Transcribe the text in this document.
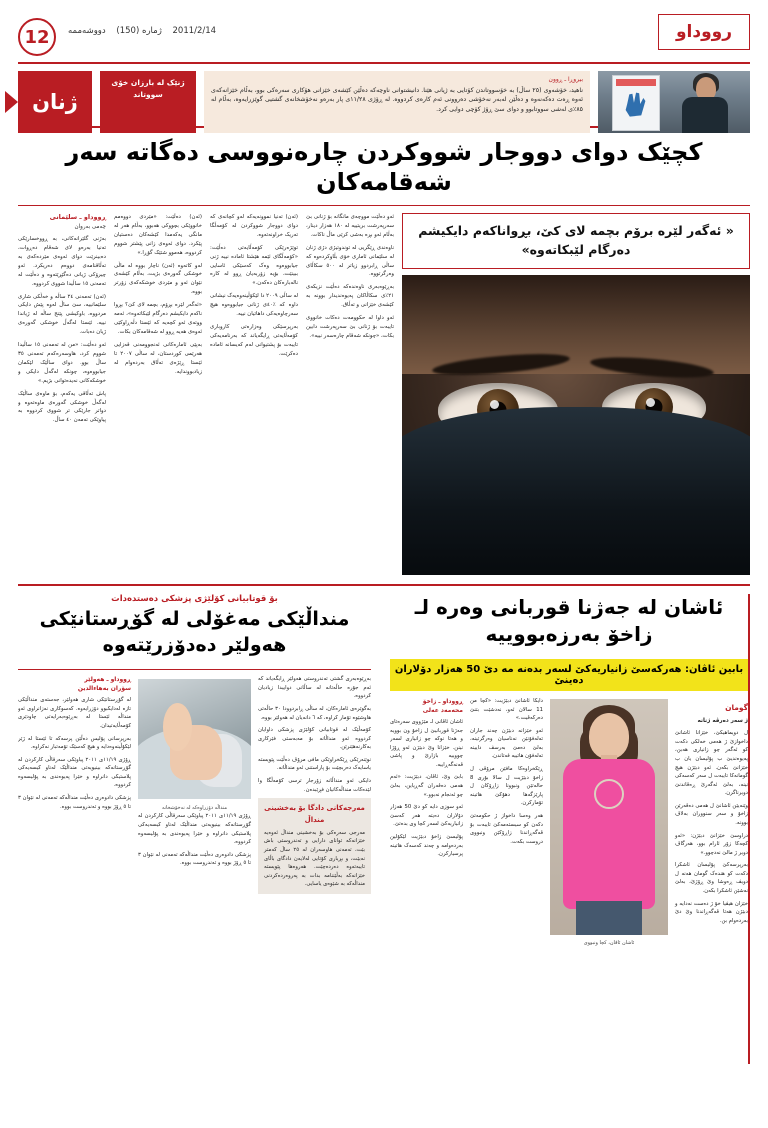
رووداو
2011/2/14 ژمارە (150) دووشەممە
12
بیروڕا ـ ڕوون
ناهید، خۆشەوی (٢٥ ساڵ) بە خۆسووتاندن کۆتایی بە ژیانی هێنا. دانیشتوانی ناوچەکە دەڵێن کێشەی خێزانی هۆکاری سەرەکی بوو، بەڵام خێزانەکەی ئەوە ڕەت دەکەنەوە و دەڵێن لەبەر نەخۆشی دەروونی ئەم کارەی کردووە. لە ڕۆژی ١١/٢٨ی پار بەرەو نەخۆشخانەی گشتیی گوێزرایەوە، بەڵام لە ٨٥٪ی لەشی سووتابوو و دوای سێ ڕۆژ کۆچی دوایی کرد.
ژنێک لە بارزان خۆی سووتاند
ژنان
کچێک دوای دووجار شووکردن چارەنووسی دەگاتە سەر شەقامەکان
« ئەگەر لێرە برۆم بچمە لای کێ، بڕواناکەم دایکیشم دەرگام لێبکاتەوە»

ئەو دەڵێت مووچەی مانگانە بۆ ژنانی بێ سەرپەرشت بریتییە لە ١٨٠ هەزار دینار، بەڵام ئەو بڕە بەشی کرێی ماڵ ناکات.

ناوەندی ڕێگریی لە توندوتیژی دژی ژنان لە سلێمانی ئاماری خۆی بڵاوکردەوە کە ساڵی ڕابردوو زیاتر لە ٥٠٠ سکاڵای وەرگرتووە.

بەڕێوەبەری ناوەندەکە دەڵێت نزیکەی ٢١٪ی سکاڵاکان پەیوەندیدار بوونە بە کێشەی خێزانی و تەڵاق.

ئەو داوا لە حکوومەت دەکات خانووی تایبەت بۆ ژنانی بێ سەرپەرشت دابین بکات، «چونکە شەقام چارەسەر نییە».

(ئەن) تەنیا نموونەیەکە لەو کچانەی کە دوای دووجار شووکردن لە کۆمەڵگا تەریک خراونەتەوە.

توێژەرێکی کۆمەڵایەتی دەڵێت: «کۆمەڵگای ئێمە هێشتا ئامادە نییە ژنی جیابووەوە وەک کەسێکی ئاسایی ببینێت، بۆیە زۆربەیان ڕوو لە کارە نالەبارەکان دەکەن.»

لە ساڵی ٢٠٠٩ دا لێکۆڵینەوەیەک نیشانی داوە کە ٪٤٠ی ژنانی جیابووەوە هیچ سەرچاوەیەکی داهاتیان نییە.

بەرپرسێکی وەزارەتی کاروباری کۆمەڵایەتی ڕایگەیاند کە بەرنامەیەکی تایبەت بۆ پشتیوانی لەم کەیسانە ئامادە دەکرێت.

(ئەن) دەڵێت: «مێردی دووەمم خانووێکی بچووکی هەبوو، بەڵام هەر لە مانگی یەکەمدا کێشەکان دەستیان پێکرد. دوای ئەوەی زانی پێشتر شووم کردووە، هەموو شتێک گۆڕا.»

لەو کاتەوە (ئەن) ناچار بووە لە ماڵی خوشکی گەورەی بژیت، بەڵام کێشەی نێوان ئەو و مێردی خوشکەکەی زۆرتر بووە.

«ئەگەر لێرە بڕۆم، بچمە لای کێ؟ بڕوا ناکەم دایکیشم دەرگام لێبکاتەوە»، ئەمە ووتەی ئەو کچەیە کە ئێستا دڵەڕاوکێی ئەوەی هەیە ڕوو لە شەقامەکان بکات.

بەپێی ئامارەکانی ئەنجوومەنی قەزایی هەرێمی کوردستان، لە ساڵی ٢٠٠٧ تا ئێستا ڕێژەی تەڵاق بەردەوام لە زیادبووندایە.

ڕووداو ـ سلێمانی
چەمی بەروان

بەژنی گلێرانەکانی، بە ڕووخسارێکی تەنیا بەرەو لای شەقام دەڕوات، دەبینرێت دوای ئەوەی مێردەکەی بە تەڵاقنامەی دووەم دەریکرد. ئەو چیرۆکی ژیانی دەگێڕێتەوە و دەڵێت لە تەمەنی ١٥ ساڵیدا شووی کردووە.

(ئەن) تەمەنی ٢٤ ساڵە و خەڵکی شاری سلێمانییە، سێ ساڵ لەوە پێش دایکی مردووە، باوکیشی پێنج ساڵە لە ژیاندا نییە. ئێستا لەگەڵ خوشکی گەورەی ژیان دەبات.

ئەو دەڵێت: «من لە تەمەنی ١٥ ساڵیدا شووم کرد، هاوسەرەکەم تەمەنی ٣٥ ساڵ بوو. دوای ساڵێک لێکمان جیابووەوە، چونکە لەگەڵ دایکی و خوشکەکانی نەیدەتوانی بژیم.»

پاش تەڵاقی یەکەم، بۆ ماوەی ساڵێک لەگەڵ خوشکی گەورەی ماوەتەوە و دواتر جارێکی تر شووی کردووە بە پیاوێکی تەمەن ٤٠ ساڵ.

ئاشان لە جەژنا قوربانی وەرە لـ زاخۆ بەرزەبووییە
بابین ئاڤان: هەرکەسێ زانیاریەکێ لسەر بدەنە مە دێ 50 هەزار دۆلاران دەینێ
گومان
ژ سەر دەرڤە ژنانە

ل دویماهیکێ، خێزانا ئاشانێ داخوازێ ژ هەمی خەلکی دکەت كو ئەگەر چو زانیاری هەبن، پەیوەندیێ ب پۆلیسان یان ب خێزانێ بکەن. ئەو دبێژن هیچ گومانەکا تایبەت ل سەر کەسەکی نینە، بەلێ ئەگەرێ ڕەڤاندنێ دویرناگرن.

وێنەیێن ئاشانێ ل هەمی دەڤەرێن زاخۆ و سەر سنووران بەلاڤ بوونە.

دراوسێ خێزانێ دبێژن: «ئەو کچەکا زۆر ئارام بوو، هەرگاڤ دویر ژ مالێ نەدچوو.»

بەرپرسەکێ پۆلیسان ئاشکرا دکەت كو هندەک گومان هەنە ل دویڤ ڕەوشا وێ ڕۆژێ، بەلێ نەشێن ئاشکرا بکەن.

خێزان هیڤیا خۆ ژ دەست نەدایە و دبێژن هەتا ڤەگەڕاندنا وێ دێ بەردەوام بن.

ئاشان ئاڤان، کچا ونبووی

دایکا ئاشانێ دبێژیت: «کچا من 11 سالان ئەو، نەدشێت بتنێ دەرکەڤیت.»

ئەو خێزانە دبێژن چەند جاران تەلەفۆنێن نەناسیان وەرگرتینە، بەلێ دەمێ بەرسڤ دایینە تەلەفۆن هاتییە قەتاندن.

ڕێکخراوەکا مافێن مرۆڤی ل زاخۆ دبێژیت ل سالا بۆری 8 حالەتێن ونبوونا زاڕۆکان ل پارێزگەها دهۆکێ هاتینە تۆماركرن.

هەر وەسا داخواز ژ حکومەتێ دکەن كو سیستەمەکێ تایبەت بۆ ڤەگەڕاندنا زاڕۆکێن ونبووی دروست بکەت.

ڕووداو ـ زاخۆ
محەمەد عەلی

ئاشان ئاڤانی لـ مێژووی سەرەتای جەژنا قوربانیێ ل زاخۆ ون بوویە و هەتا نوکە چو زانیاری لسەر نینن. خێزانا وێ دبێژن ئەو ڕۆژا چووییە بازارێ و پاشی ڤەنەگەڕاییە.

بابێ وێ، ئاڤان، دبێژیت: «ئەم هەمی دەڤەران گەڕیاین، بەلێ چو ئەنجام نەبوو.»

ئەو سوزی دایە کو دێ 50 هەزار دۆلاران دەیتە هەر کەسێ زانیاریەکێ لسەر کچا وی بدەتێ.

پۆلیسێ زاخۆ دبێژیت لێکۆلین بەردەوامە و چەند کەسەک هاتینە پرسیارکرن.

بۆ قوتابیانی کۆلێژی پزشکی دەستدەدات
منداڵێکی مەغۆلی لە گۆڕستانێکی هەولێر دەدۆزرێتەوە

بەڕێوەبەری گشتی تەندروستی هەولێر ڕایگەیاند کە ئەم جۆرە حاڵەتانە لە ساڵانی دواییدا زیادیان کردووە.

بەگوێرەی ئامارەکان، لە ساڵی ڕابردوودا ٣٠ حاڵەتی هاوشێوە تۆمار کراوە، کە ٦ دانەیان لە هەولێر بووە.

کۆمەڵێک لە قوتابیانی کۆلێژی پزشکی داوایان کردووە ئەو منداڵانە بۆ مەبەستی فێرکاری بەکارنەهێنرێن.

نوێنەرێکی ڕێکخراوێکی مافی مرۆڤ دەڵێت پێویستە یاسایەک دەربچێت بۆ پاراستنی ئەو منداڵانە.

دایکی ئەو منداڵانە زۆرجار ترسی کۆمەڵگا وا لێدەکات منداڵەکانیان فڕێبدەن.

مەرجەکانی دادگا بۆ بەخشینی منداڵ
مەرجی سەرەکی بۆ بەخشینی منداڵ ئەوەیە خێزانەکە توانای دارایی و تەندروستی باش بێت، تەمەنی هاوسەران لە ٢٥ ساڵ کەمتر نەبێت، و بڕیاری کۆتایی لەلایەن دادگای باڵای تایبەتەوە دەردەچێت. هەروەها پێویستە خێزانەکە بەڵێننامە بدات بە پەروەردەکردنی منداڵەکە بە شێوەی یاسایی.
منداڵە دۆزراوەکە لە نەخۆشخانە

ڕۆژی ١١/١٩ی ٢٠١١ پیاوێکی سەرقاڵی کارکردن لە گۆڕستانەکە بینیویەتی منداڵێک لەناو کیسەیەکی پلاستیکی دانراوە و خێرا پەیوەندی بە پۆلیسەوە کردووە.

پزشکی دادوەری دەڵێت منداڵەکە تەمەنی لە نێوان ٣ تا ٥ ڕۆژ بووە و تەندروست بووە.

ڕووداو ـ هەولێر
سۆران بەهاءالدین

لە گۆڕستانێکی شاری هەولێر، جەستەی منداڵێکی تازە لەدایکبوو دۆزرایەوە. کەسوکاری نەزانراوی ئەو منداڵە ئێستا لە بەڕێوەبەرایەتی چاودێری کۆمەڵایەتیدان.

بەرپرسانی پۆلیس دەڵێن پرسەکە تا ئێستا لە ژێر لێکۆڵینەوەدایە و هیچ کەسێک تۆمەتبار نەکراوە.

ڕۆژی ١١/١٩ی ٢٠١١ پیاوێکی سەرقاڵی کارکردن لە گۆڕستانەکە بینیویەتی منداڵێک لەناو کیسەیەکی پلاستیکی دانراوە و خێرا پەیوەندی بە پۆلیسەوە کردووە.

پزشکی دادوەری دەڵێت منداڵەکە تەمەنی لە نێوان ٣ تا ٥ ڕۆژ بووە و تەندروست بووە.
